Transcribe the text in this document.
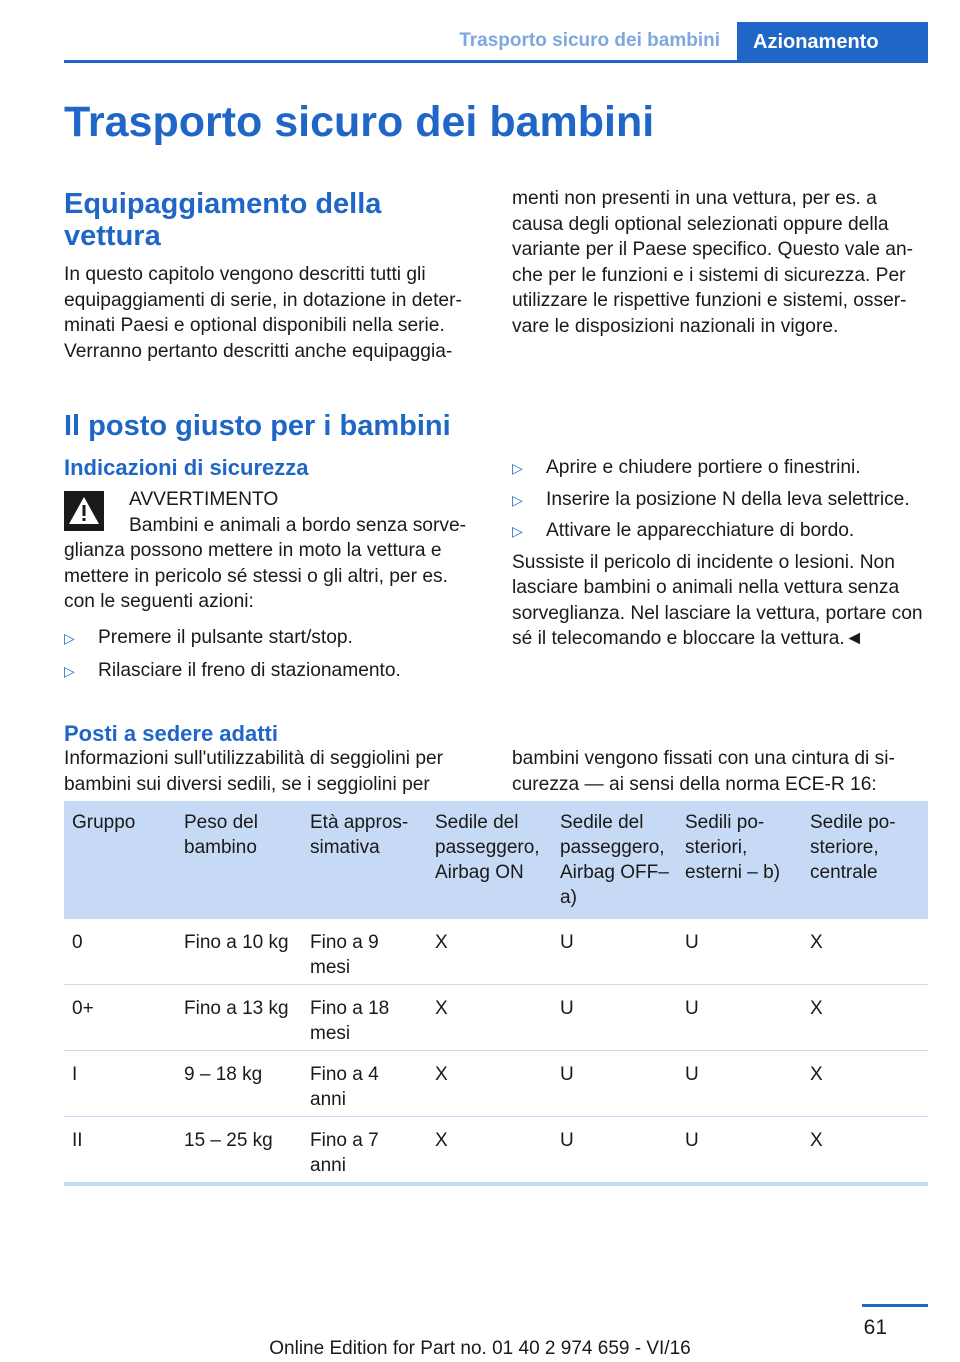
Trasporto sicuro dei bambini	Azionamento
Trasporto sicuro dei bambini
Equipaggiamento della vettura

In questo capitolo vengono descritti tutti gli equipaggiamenti di serie, in dotazione in deter-minati Paesi e optional disponibili nella serie. Verranno pertanto descritti anche equipaggia-

menti non presenti in una vettura, per es. a causa degli optional selezionati oppure della variante per il Paese specifico. Questo vale an-che per le funzioni e i sistemi di sicurezza. Per utilizzare le rispettive funzioni e sistemi, osser-vare le disposizioni nazionali in vigore.

Il posto giusto per i bambini
Indicazioni di sicurezza

AVVERTIMENTO

Bambini e animali a bordo senza sorve-

glianza possono mettere in moto la vettura e mettere in pericolo sé stessi o gli altri, per es. con le seguenti azioni:

▷ Premere il pulsante start/stop.
▷ Rilasciare il freno di stazionamento.
▷ Aprire e chiudere portiere o finestrini.
▷ Inserire la posizione N della leva selettrice.
▷ Attivare le apparecchiature di bordo.

Sussiste il pericolo di incidente o lesioni. Non lasciare bambini o animali nella vettura senza sorveglianza. Nel lasciare la vettura, portare con sé il telecomando e bloccare la vettura.◄

Posti a sedere adatti

Informazioni sull'utilizzabilità di seggiolini per bambini sui diversi sedili, se i seggiolini per

bambini vengono fissati con una cintura di si-curezza — ai sensi della norma ECE-R 16:

Gruppo	Peso del bambino	Età appros-simativa	Sedile del passeggero, Airbag ON	Sedile del passeggero, Airbag OFF– a)	Sedili po-steriori, esterni – b)	Sedile po-steriore, centrale
0	Fino a 10 kg	Fino a 9 mesi	X	U	U	X
0+	Fino a 13 kg	Fino a 18 mesi	X	U	U	X
I	9 – 18 kg	Fino a 4 anni	X	U	U	X
II	15 – 25 kg	Fino a 7 anni	X	U	U	X
61
Online Edition for Part no. 01 40 2 974 659 - VI/16
